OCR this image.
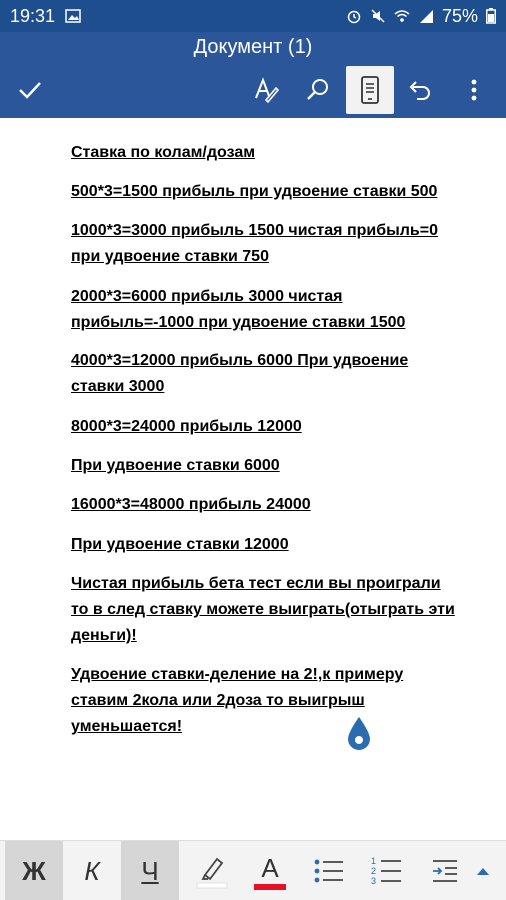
19:31	75%
Документ (1)

Ставка по колам/дозам

500*3=1500 прибыль при удвоение ставки 500

1000*3=3000 прибыль 1500 чистая прибыль=0 при удвоение ставки 750

2000*3=6000 прибыль 3000 чистая прибыль=-1000 при удвоение ставки 1500

4000*3=12000 прибыль 6000 При удвоение ставки 3000

8000*3=24000 прибыль 12000

При удвоение ставки 6000

16000*3=48000 прибыль 24000

При удвоение ставки 12000

Чистая прибыль бета тест если вы проиграли то в след ставку можете выиграть(отыграть эти деньги)!

Удвоение ставки-деление на 2!,к примеру ставим 2кола или 2доза то выигрыш уменьшается!

Ж К Ч	A	1
2
3
